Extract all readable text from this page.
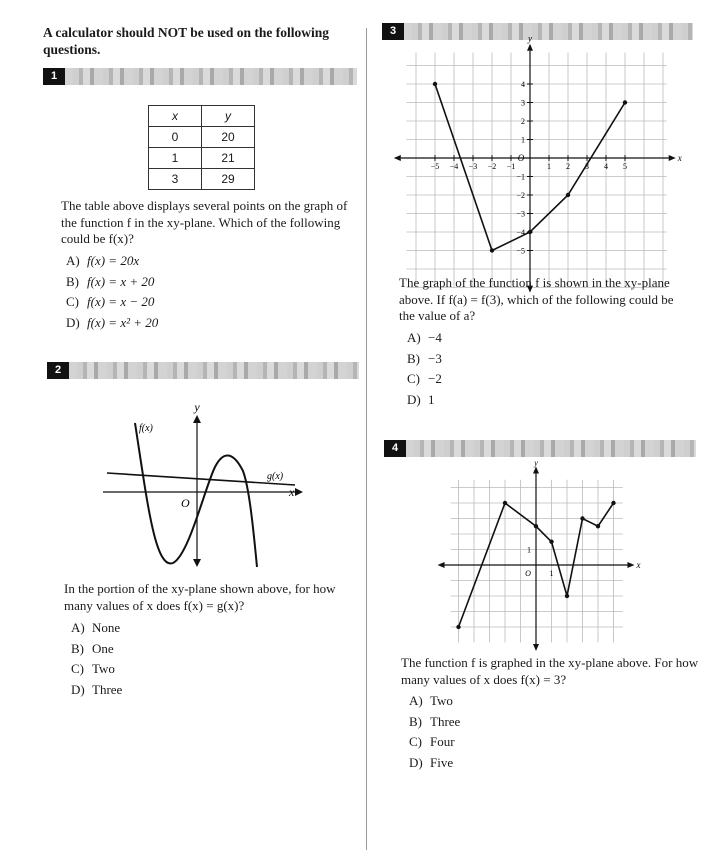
A calculator should NOT be used on the following questions.
1
x	y
0	20
1	21
3	29
The table above displays several points on the graph of the function f in the xy-plane. Which of the following could be f(x)?
A) f(x) = 20x
B) f(x) = x + 20
C) f(x) = x − 20
D) f(x) = x² + 20
2
y
x
O
f(x)
g(x)
In the portion of the xy-plane shown above, for how many values of x does f(x) = g(x)?
A) None
B) One
C) Two
D) Three
3
y
x
O
−5 −4 −3 −2 −1	1 2 3 4 5
4
3
2
1
−1
−2
−3
−4
−5
The graph of the function f is shown in the xy-plane above. If f(a) = f(3), which of the following could be the value of a?
A) −4
B) −3
C) −2
D) 1
4
y
x
O 1
1
The function f is graphed in the xy-plane above. For how many values of x does f(x) = 3?
A) Two
B) Three
C) Four
D) Five
